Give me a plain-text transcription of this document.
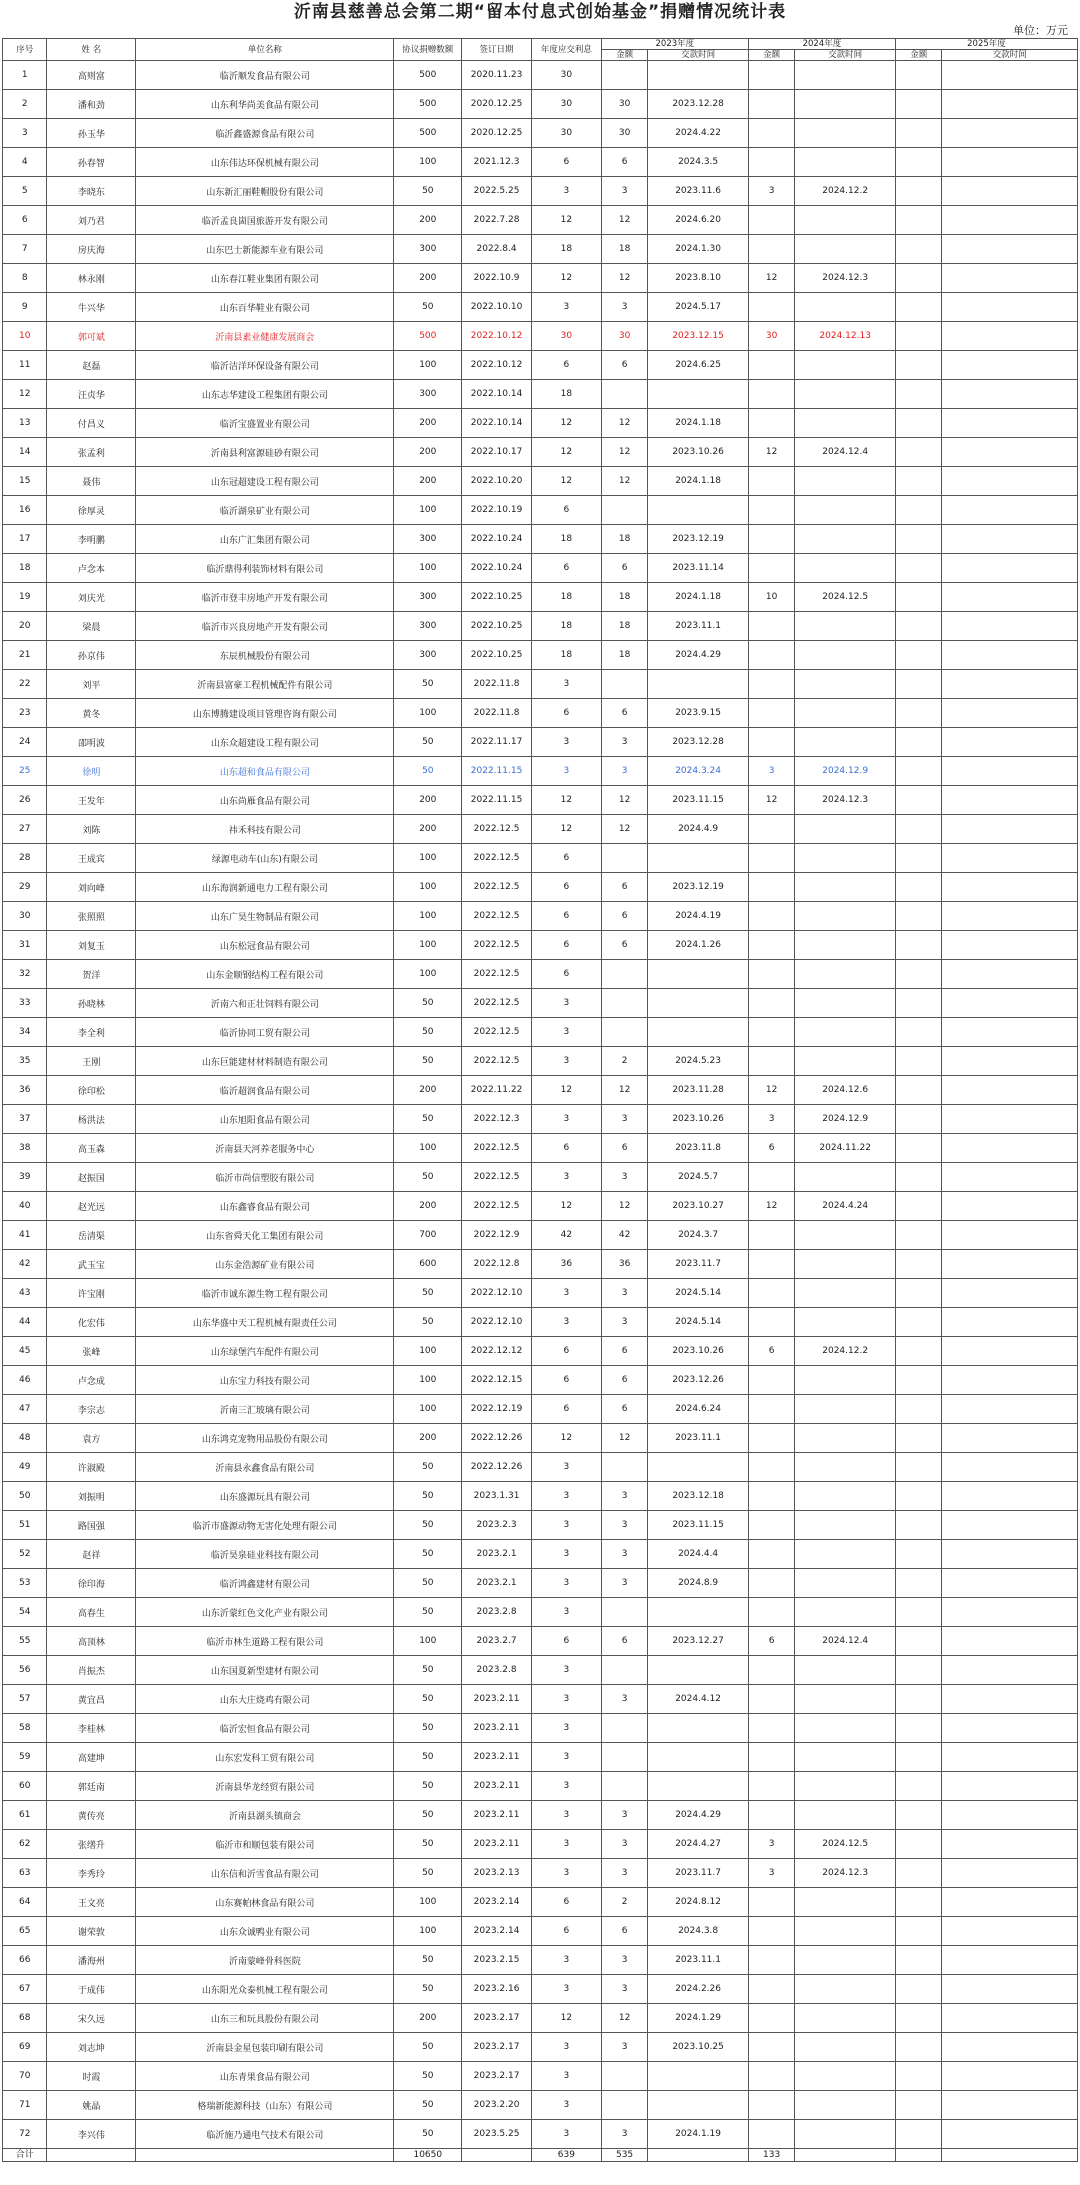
沂南县慈善总会第二期“留本付息式创始基金”捐赠情况统计表
单位：万元
序号	姓 名	单位名称	协议捐赠数额	签订日期	年度应交利息	2023年度		2024年度		2025年度	
						金额	交款时间	金额	交款时间	金额	交款时间
1	高则富	临沂顺发食品有限公司	500	2020.11.23	30						
2	潘和劲	山东利华尚美食品有限公司	500	2020.12.25	30	30	2023.12.28				
3	孙玉华	临沂鑫盛源食品有限公司	500	2020.12.25	30	30	2024.4.22				
4	孙春智	山东伟达环保机械有限公司	100	2021.12.3	6	6	2024.3.5				
5	李晓东	山东新汇丽鞋帽股份有限公司	50	2022.5.25	3	3	2023.11.6	3	2024.12.2		
6	刘乃君	临沂孟良崮国旅游开发有限公司	200	2022.7.28	12	12	2024.6.20				
7	房庆海	山东巴士新能源车业有限公司	300	2022.8.4	18	18	2024.1.30				
8	林永刚	山东春江鞋业集团有限公司	200	2022.10.9	12	12	2023.8.10	12	2024.12.3		
9	牛兴华	山东百华鞋业有限公司	50	2022.10.10	3	3	2024.5.17				
10	郭可斌	沂南县素业健康发展商会	500	2022.10.12	30	30	2023.12.15	30	2024.12.13		
11	赵磊	临沂洁洋环保设备有限公司	100	2022.10.12	6	6	2024.6.25				
12	汪贞华	山东志华建设工程集团有限公司	300	2022.10.14	18						
13	付昌义	临沂宝盛置业有限公司	200	2022.10.14	12	12	2024.1.18				
14	张孟利	沂南县利富源硅砂有限公司	200	2022.10.17	12	12	2023.10.26	12	2024.12.4		
15	聂伟	山东冠超建设工程有限公司	200	2022.10.20	12	12	2024.1.18				
16	徐厚灵	临沂湖泉矿业有限公司	100	2022.10.19	6						
17	李明鹏	山东广汇集团有限公司	300	2022.10.24	18	18	2023.12.19				
18	卢念本	临沂鼎得利装饰材料有限公司	100	2022.10.24	6	6	2023.11.14				
19	刘庆光	临沂市登丰房地产开发有限公司	300	2022.10.25	18	18	2024.1.18	10	2024.12.5		
20	梁晨	临沂市兴良房地产开发有限公司	300	2022.10.25	18	18	2023.11.1				
21	孙京伟	东辰机械股份有限公司	300	2022.10.25	18	18	2024.4.29				
22	刘平	沂南县富豪工程机械配件有限公司	50	2022.11.8	3						
23	黄冬	山东博腾建设项目管理咨询有限公司	100	2022.11.8	6	6	2023.9.15				
24	邵明波	山东众超建设工程有限公司	50	2022.11.17	3	3	2023.12.28				
25	徐明	山东超和食品有限公司	50	2022.11.15	3	3	2024.3.24	3	2024.12.9		
26	王发年	山东尚雁食品有限公司	200	2022.11.15	12	12	2023.11.15	12	2024.12.3		
27	刘陈	祎禾科技有限公司	200	2022.12.5	12	12	2024.4.9				
28	王成宾	绿源电动车(山东)有限公司	100	2022.12.5	6						
29	刘向峰	山东海润新通电力工程有限公司	100	2022.12.5	6	6	2023.12.19				
30	张照照	山东广昊生物制品有限公司	100	2022.12.5	6	6	2024.4.19				
31	刘复玉	山东松冠食品有限公司	100	2022.12.5	6	6	2024.1.26				
32	贺洋	山东金顺钢结构工程有限公司	100	2022.12.5	6						
33	孙晓林	沂南六和正壮饲料有限公司	50	2022.12.5	3						
34	李全利	临沂协同工贸有限公司	50	2022.12.5	3						
35	王刚	山东巨能建材材料制造有限公司	50	2022.12.5	3	2	2024.5.23				
36	徐印松	临沂超润食品有限公司	200	2022.11.22	12	12	2023.11.28	12	2024.12.6		
37	杨洪法	山东旭阳食品有限公司	50	2022.12.3	3	3	2023.10.26	3	2024.12.9		
38	高玉森	沂南县天河养老服务中心	100	2022.12.5	6	6	2023.11.8	6	2024.11.22		
39	赵振国	临沂市尚信塑胶有限公司	50	2022.12.5	3	3	2024.5.7				
40	赵光远	山东鑫睿食品有限公司	200	2022.12.5	12	12	2023.10.27	12	2024.4.24		
41	岳清渠	山东省舜天化工集团有限公司	700	2022.12.9	42	42	2024.3.7				
42	武玉宝	山东金浩源矿业有限公司	600	2022.12.8	36	36	2023.11.7				
43	许宝刚	临沂市诚东源生物工程有限公司	50	2022.12.10	3	3	2024.5.14				
44	化宏伟	山东华盛中天工程机械有限责任公司	50	2022.12.10	3	3	2024.5.14				
45	张峰	山东绿堡汽车配件有限公司	100	2022.12.12	6	6	2023.10.26	6	2024.12.2		
46	卢念成	山东宝力科技有限公司	100	2022.12.15	6	6	2023.12.26				
47	李宗志	沂南三汇玻璃有限公司	100	2022.12.19	6	6	2024.6.24				
48	袁方	山东鸿克宠物用品股份有限公司	200	2022.12.26	12	12	2023.11.1				
49	许淑殿	沂南县永鑫食品有限公司	50	2022.12.26	3						
50	刘振明	山东盛源玩具有限公司	50	2023.1.31	3	3	2023.12.18				
51	路国强	临沂市盛源动物无害化处理有限公司	50	2023.2.3	3	3	2023.11.15				
52	赵祥	临沂昊泉硅业科技有限公司	50	2023.2.1	3	3	2024.4.4				
53	徐印海	临沂鸿鑫建材有限公司	50	2023.2.1	3	3	2024.8.9				
54	高春生	山东沂蒙红色文化产业有限公司	50	2023.2.8	3						
55	高顶林	临沂市林生道路工程有限公司	100	2023.2.7	6	6	2023.12.27	6	2024.12.4		
56	肖振杰	山东国夏新型建材有限公司	50	2023.2.8	3						
57	黄宜昌	山东大庄烧鸡有限公司	50	2023.2.11	3	3	2024.4.12				
58	李桂林	临沂宏恒食品有限公司	50	2023.2.11	3						
59	高建坤	山东宏发科工贸有限公司	50	2023.2.11	3						
60	郭廷南	沂南县华龙经贸有限公司	50	2023.2.11	3						
61	黄传亮	沂南县湖头镇商会	50	2023.2.11	3	3	2024.4.29				
62	张缮升	临沂市和顺包装有限公司	50	2023.2.11	3	3	2024.4.27	3	2024.12.5		
63	李秀玲	山东信和沂雪食品有限公司	50	2023.2.13	3	3	2023.11.7	3	2024.12.3		
64	王文亮	山东赛帕林食品有限公司	100	2023.2.14	6	2	2024.8.12				
65	谢荣敦	山东众诚鸭业有限公司	100	2023.2.14	6	6	2024.3.8				
66	潘海州	沂南蒙峰骨科医院	50	2023.2.15	3	3	2023.11.1				
67	于成伟	山东阳光众泰机械工程有限公司	50	2023.2.16	3	3	2024.2.26				
68	宋久远	山东三和玩具股份有限公司	200	2023.2.17	12	12	2024.1.29				
69	刘志坤	沂南县金星包装印刷有限公司	50	2023.2.17	3	3	2023.10.25				
70	时霞	山东青果食品有限公司	50	2023.2.17	3						
71	姚晶	格瑞新能源科技（山东）有限公司	50	2023.2.20	3						
72	李兴伟	临沂施乃通电气技术有限公司	50	2023.5.25	3	3	2024.1.19				
合计			10650		639	535		133			
